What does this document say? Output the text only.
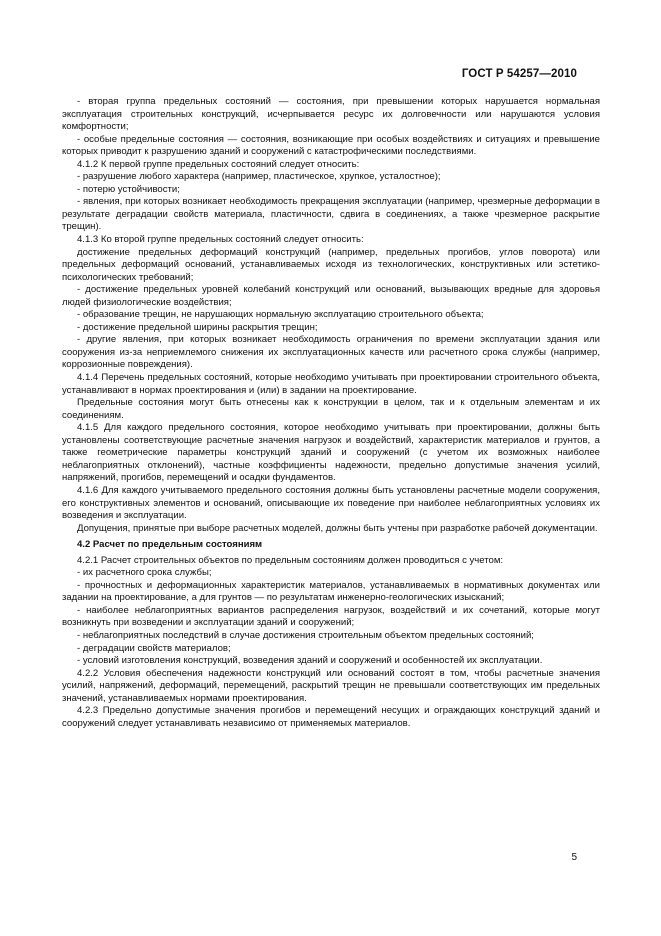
ГОСТ Р 54257—2010

- вторая группа предельных состояний — состояния, при превышении которых нарушается нормальная эксплуатация строительных конструкций, исчерпывается ресурс их долговечности или нарушаются условия комфортности;

- особые предельные состояния — состояния, возникающие при особых воздействиях и ситуациях и превышение которых приводит к разрушению зданий и сооружений с катастрофическими последствиями.

4.1.2 К первой группе предельных состояний следует относить:

- разрушение любого характера (например, пластическое, хрупкое, усталостное);

- потерю устойчивости;

- явления, при которых возникает необходимость прекращения эксплуатации (например, чрезмерные деформации в результате деградации свойств материала, пластичности, сдвига в соединениях, а также чрезмерное раскрытие трещин).

4.1.3 Ко второй группе предельных состояний следует относить:

достижение предельных деформаций конструкций (например, предельных прогибов, углов поворота) или предельных деформаций оснований, устанавливаемых исходя из технологических, конструктивных или эстетико-психологических требований;

- достижение предельных уровней колебаний конструкций или оснований, вызывающих вредные для здоровья людей физиологические воздействия;

- образование трещин, не нарушающих нормальную эксплуатацию строительного объекта;

- достижение предельной ширины раскрытия трещин;

- другие явления, при которых возникает необходимость ограничения по времени эксплуатации здания или сооружения из-за неприемлемого снижения их эксплуатационных качеств или расчетного срока службы (например, коррозионные повреждения).

4.1.4 Перечень предельных состояний, которые необходимо учитывать при проектировании строительного объекта, устанавливают в нормах проектирования и (или) в задании на проектирование.

Предельные состояния могут быть отнесены как к конструкции в целом, так и к отдельным элементам и их соединениям.

4.1.5 Для каждого предельного состояния, которое необходимо учитывать при проектировании, должны быть установлены соответствующие расчетные значения нагрузок и воздействий, характеристик материалов и грунтов, а также геометрические параметры конструкций зданий и сооружений (с учетом их возможных наиболее неблагоприятных отклонений), частные коэффициенты надежности, предельно допустимые значения усилий, напряжений, прогибов, перемещений и осадки фундаментов.

4.1.6 Для каждого учитываемого предельного состояния должны быть установлены расчетные модели сооружения, его конструктивных элементов и оснований, описывающие их поведение при наиболее неблагоприятных условиях их возведения и эксплуатации.

Допущения, принятые при выборе расчетных моделей, должны быть учтены при разработке рабочей документации.

4.2 Расчет по предельным состояниям

4.2.1 Расчет строительных объектов по предельным состояниям должен проводиться с учетом:

- их расчетного срока службы;

- прочностных и деформационных характеристик материалов, устанавливаемых в нормативных документах или задании на проектирование, а для грунтов — по результатам инженерно-геологических изысканий;

- наиболее неблагоприятных вариантов распределения нагрузок, воздействий и их сочетаний, которые могут возникнуть при возведении и эксплуатации зданий и сооружений;

- неблагоприятных последствий в случае достижения строительным объектом предельных состояний;

- деградации свойств материалов;

- условий изготовления конструкций, возведения зданий и сооружений и особенностей их эксплуатации.

4.2.2 Условия обеспечения надежности конструкций или оснований состоят в том, чтобы расчетные значения усилий, напряжений, деформаций, перемещений, раскрытий трещин не превышали соответствующих им предельных значений, устанавливаемых нормами проектирования.

4.2.3 Предельно допустимые значения прогибов и перемещений несущих и ограждающих конструкций зданий и сооружений следует устанавливать независимо от применяемых материалов.

5
